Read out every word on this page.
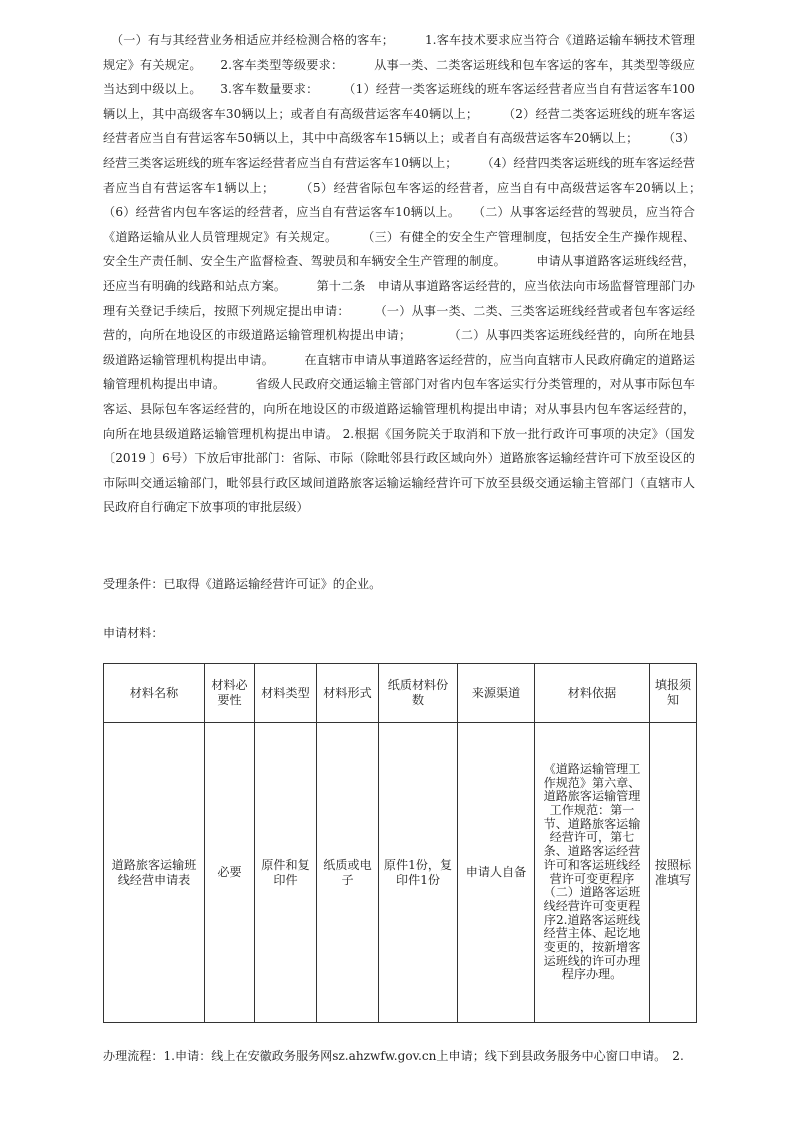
（一）有与其经营业务相适应并经检测合格的客车；　　　1.客车技术要求应当符合《道路运输车辆技术管理规定》有关规定。　　2.客车类型等级要求：　　　从事一类、二类客运班线和包车客运的客车，其类型等级应当达到中级以上。　　3.客车数量要求：　　　（1）经营一类客运班线的班车客运经营者应当自有营运客车100辆以上，其中高级客车30辆以上；或者自有高级营运客车40辆以上；　　　（2）经营二类客运班线的班车客运经营者应当自有营运客车50辆以上，其中中高级客车15辆以上；或者自有高级营运客车20辆以上；　　　（3）经营三类客运班线的班车客运经营者应当自有营运客车10辆以上；　　　（4）经营四类客运班线的班车客运经营者应当自有营运客车1辆以上；　　　（5）经营省际包车客运的经营者，应当自有中高级营运客车20辆以上；　　（6）经营省内包车客运的经营者，应当自有营运客车10辆以上。　　（二）从事客运经营的驾驶员，应当符合《道路运输从业人员管理规定》有关规定。　　　（三）有健全的安全生产管理制度，包括安全生产操作规程、安全生产责任制、安全生产监督检查、驾驶员和车辆安全生产管理的制度。　　　申请从事道路客运班线经营，还应当有明确的线路和站点方案。　　　第十二条　申请从事道路客运经营的，应当依法向市场监督管理部门办理有关登记手续后，按照下列规定提出申请：　　　（一）从事一类、二类、三类客运班线经营或者包车客运经营的，向所在地设区的市级道路运输管理机构提出申请；　　　　（二）从事四类客运班线经营的，向所在地县级道路运输管理机构提出申请。　　　在直辖市申请从事道路客运经营的，应当向直辖市人民政府确定的道路运输管理机构提出申请。　　　省级人民政府交通运输主管部门对省内包车客运实行分类管理的，对从事市际包车客运、县际包车客运经营的，向所在地设区的市级道路运输管理机构提出申请；对从事县内包车客运经营的，向所在地县级道路运输管理机构提出申请。 2.根据《国务院关于取消和下放一批行政许可事项的决定》（国发〔2019 〕6号）下放后审批部门：省际、市际（除毗邻县行政区域向外）道路旅客运输经营许可下放至设区的市际叫交通运输部门，毗邻县行政区域间道路旅客运输运输经营许可下放至县级交通运输主管部门（直辖市人民政府自行确定下放事项的审批层级）
受理条件：已取得《道路运输经营许可证》的企业。
申请材料：
材料名称	材料必要性	材料类型	材料形式	纸质材料份数	来源渠道	材料依据	填报须知
道路旅客运输班线经营申请表	必要	原件和复印件	纸质或电子	原件1份，复印件1份	申请人自备	《道路运输管理工作规范》第六章、道路旅客运输管理工作规范：第一节、道路旅客运输经营许可，第七条、道路客运经营许可和客运班线经营许可变更程序（二）道路客运班线经营许可变更程序2.道路客运班线经营主体、起讫地变更的，按新增客运班线的许可办理程序办理。	按照标准填写
办理流程：1.申请：线上在安徽政务服务网sz.ahzwfw.gov.cn上申请；线下到县政务服务中心窗口申请。　2.
